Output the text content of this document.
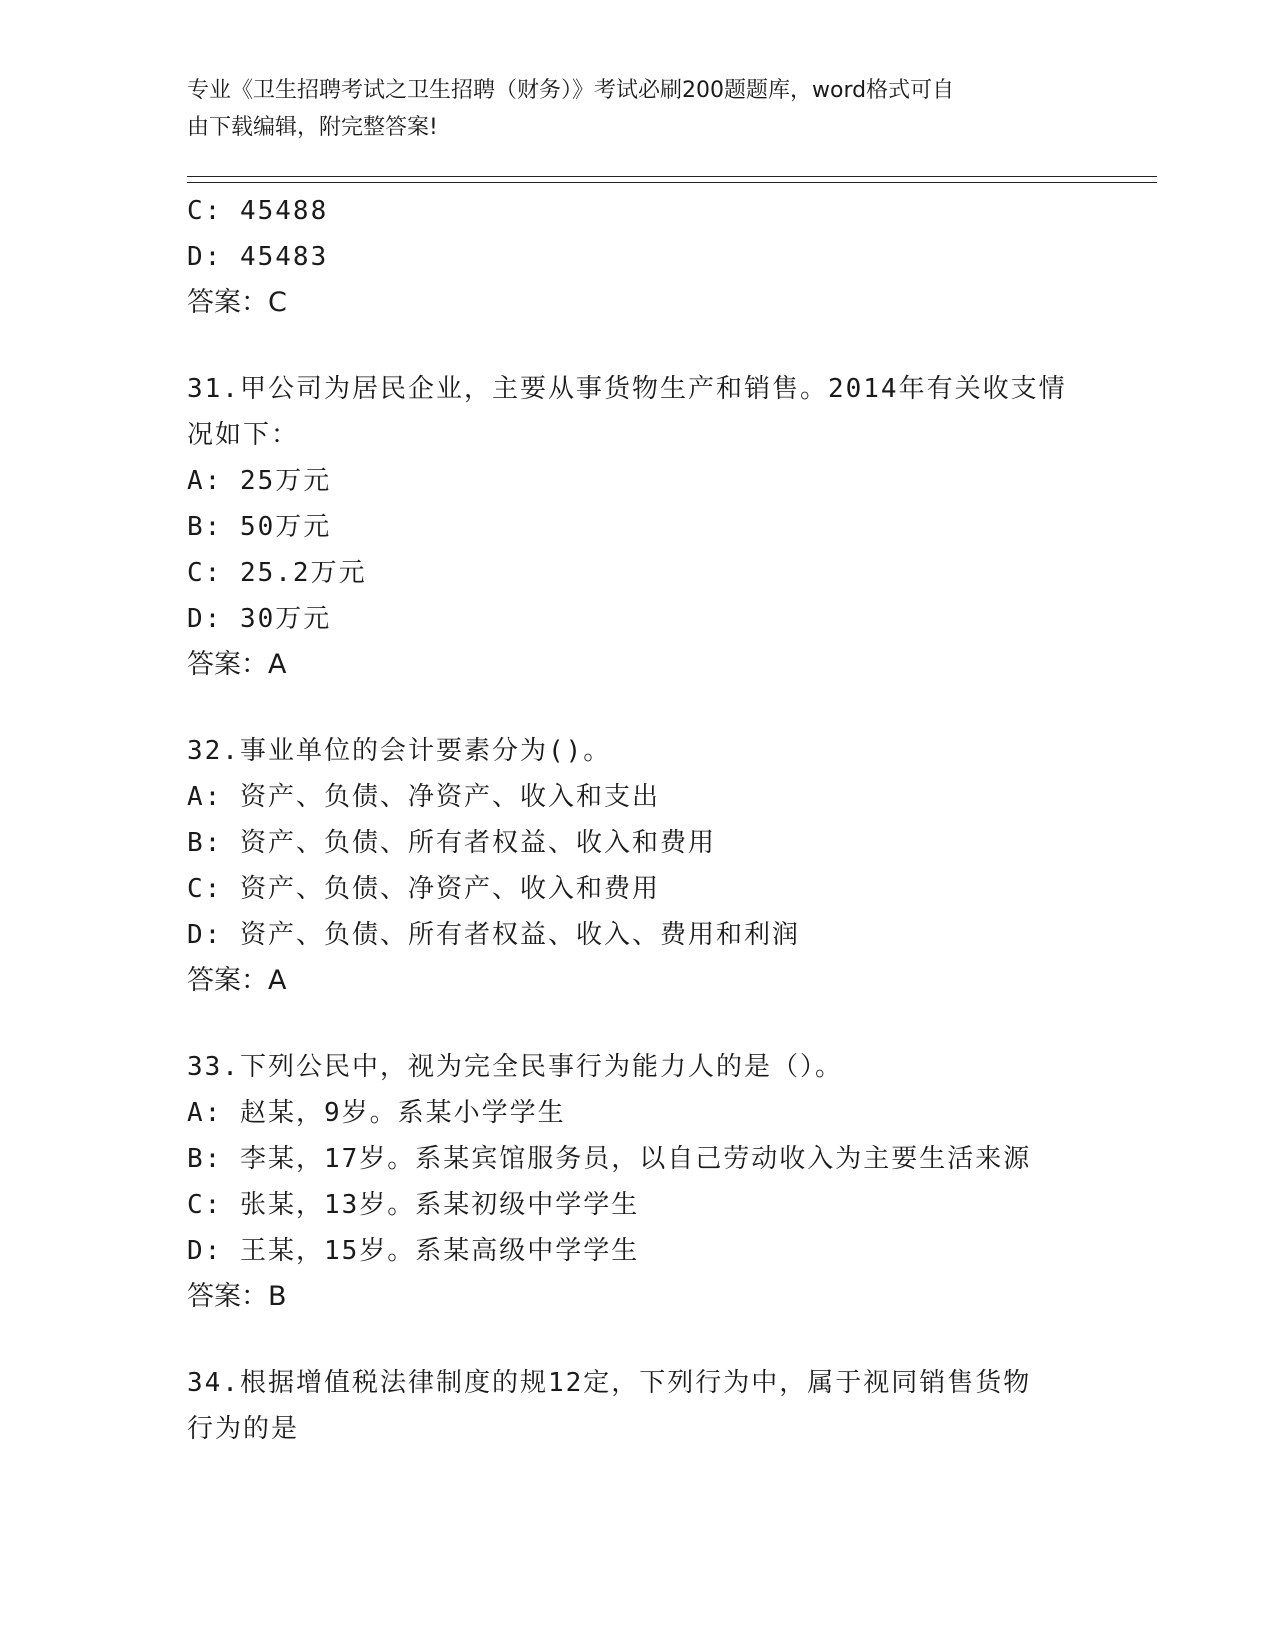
专业《卫生招聘考试之卫生招聘（财务）》考试必刷200题题库，word格式可自
由下载编辑，附完整答案!
C: 45488
D: 45483
答案：C
31.甲公司为居民企业，主要从事货物生产和销售。2014年有关收支情
况如下：
A: 25万元
B: 50万元
C: 25.2万元
D: 30万元
答案：A
32.事业单位的会计要素分为()。
A: 资产、负债、净资产、收入和支出
B: 资产、负债、所有者权益、收入和费用
C: 资产、负债、净资产、收入和费用
D: 资产、负债、所有者权益、收入、费用和利润
答案：A
33.下列公民中，视为完全民事行为能力人的是（）。
A: 赵某，9岁。系某小学学生
B: 李某，17岁。系某宾馆服务员，以自己劳动收入为主要生活来源
C: 张某，13岁。系某初级中学学生
D: 王某，15岁。系某高级中学学生
答案：B
34.根据增值税法律制度的规12定，下列行为中，属于视同销售货物
行为的是
